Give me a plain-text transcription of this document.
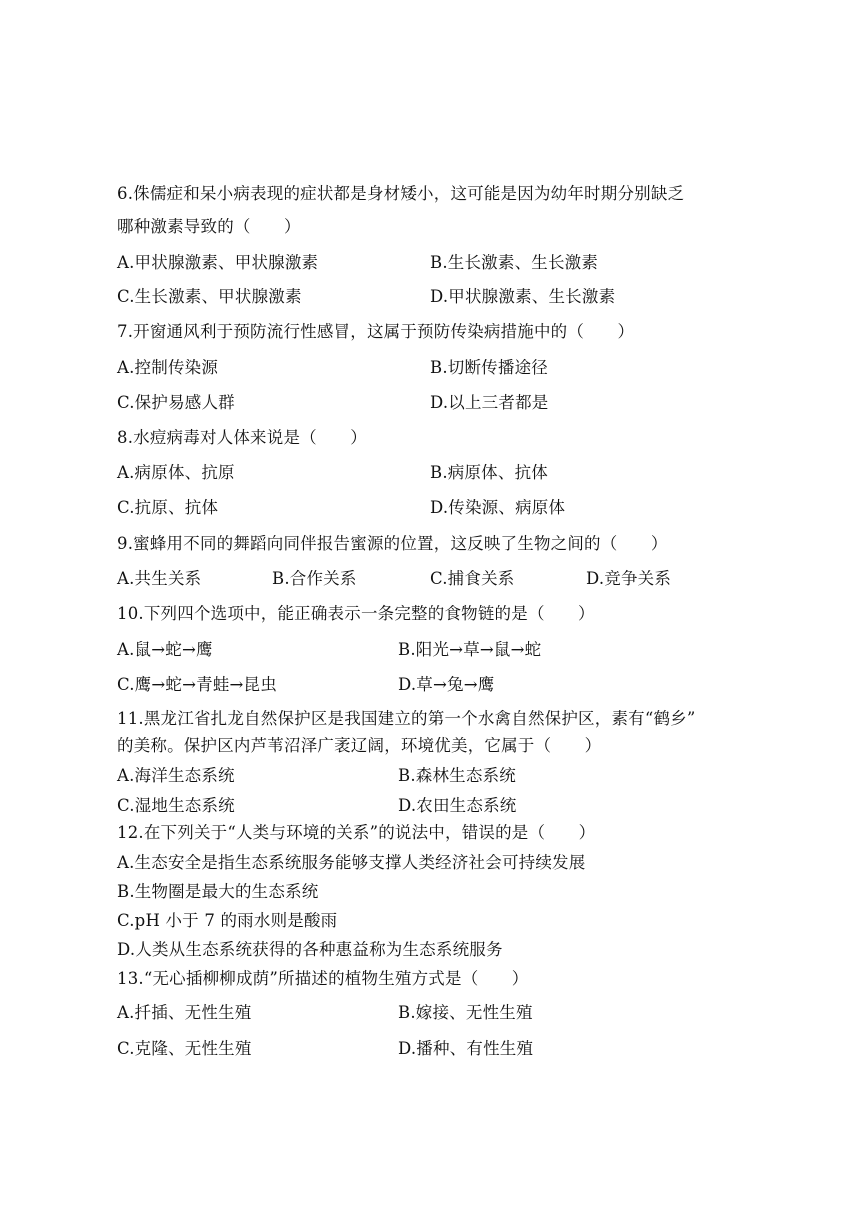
6.侏儒症和呆小病表现的症状都是身材矮小，这可能是因为幼年时期分别缺乏
哪种激素导致的（　　）
A.甲状腺激素、甲状腺激素	B.生长激素、生长激素
C.生长激素、甲状腺激素	D.甲状腺激素、生长激素
7.开窗通风利于预防流行性感冒，这属于预防传染病措施中的（　　）
A.控制传染源	B.切断传播途径
C.保护易感人群	D.以上三者都是
8.水痘病毒对人体来说是（　　）
A.病原体、抗原	B.病原体、抗体
C.抗原、抗体	D.传染源、病原体
9.蜜蜂用不同的舞蹈向同伴报告蜜源的位置，这反映了生物之间的（　　）
A.共生关系	B.合作关系	C.捕食关系	D.竞争关系
10.下列四个选项中，能正确表示一条完整的食物链的是（　　）
A.鼠→蛇→鹰	B.阳光→草→鼠→蛇
C.鹰→蛇→青蛙→昆虫	D.草→兔→鹰
11.黑龙江省扎龙自然保护区是我国建立的第一个水禽自然保护区，素有“鹤乡”
的美称。保护区内芦苇沼泽广袤辽阔，环境优美，它属于（　　）
A.海洋生态系统	B.森林生态系统
C.湿地生态系统	D.农田生态系统
12.在下列关于“人类与环境的关系”的说法中，错误的是（　　）
A.生态安全是指生态系统服务能够支撑人类经济社会可持续发展
B.生物圈是最大的生态系统
C.pH 小于 7 的雨水则是酸雨
D.人类从生态系统获得的各种惠益称为生态系统服务
13.“无心插柳柳成荫”所描述的植物生殖方式是（　　）
A.扦插、无性生殖	B.嫁接、无性生殖
C.克隆、无性生殖	D.播种、有性生殖
